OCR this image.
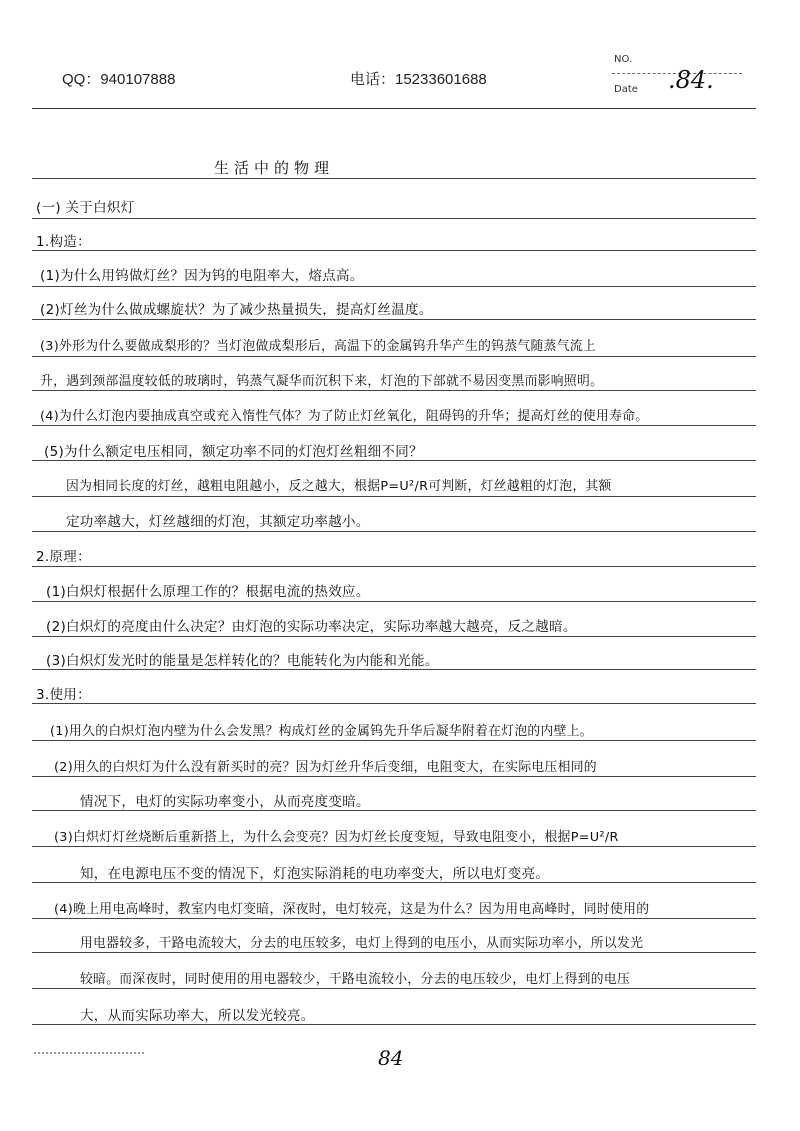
QQ：940107888	电话：15233601688
NO.
Date .84.
生活中的物理
(一) 关于白炽灯
1.构造：
(1)为什么用钨做灯丝？因为钨的电阻率大，熔点高。
(2)灯丝为什么做成螺旋状？为了减少热量损失，提高灯丝温度。
(3)外形为什么要做成梨形的？当灯泡做成梨形后，高温下的金属钨升华产生的钨蒸气随蒸气流上
升，遇到颈部温度较低的玻璃时，钨蒸气凝华而沉积下来，灯泡的下部就不易因变黑而影响照明。
(4)为什么灯泡内要抽成真空或充入惰性气体？为了防止灯丝氧化，阻碍钨的升华；提高灯丝的使用寿命。
(5)为什么额定电压相同，额定功率不同的灯泡灯丝粗细不同？
因为相同长度的灯丝，越粗电阻越小，反之越大，根据P=U²/R可判断，灯丝越粗的灯泡，其额
定功率越大，灯丝越细的灯泡，其额定功率越小。
2.原理：
(1)白炽灯根据什么原理工作的？根据电流的热效应。
(2)白炽灯的亮度由什么决定？由灯泡的实际功率决定，实际功率越大越亮，反之越暗。
(3)白炽灯发光时的能量是怎样转化的？电能转化为内能和光能。
3.使用：
(1)用久的白炽灯泡内壁为什么会发黑？构成灯丝的金属钨先升华后凝华附着在灯泡的内壁上。
(2)用久的白炽灯为什么没有新买时的亮？因为灯丝升华后变细，电阻变大，在实际电压相同的
情况下，电灯的实际功率变小，从而亮度变暗。
(3)白炽灯灯丝烧断后重新搭上，为什么会变亮？因为灯丝长度变短，导致电阻变小，根据P=U²/R
知，在电源电压不变的情况下，灯泡实际消耗的电功率变大，所以电灯变亮。
(4)晚上用电高峰时，教室内电灯变暗，深夜时，电灯较亮，这是为什么？因为用电高峰时，同时使用的
用电器较多，干路电流较大，分去的电压较多，电灯上得到的电压小，从而实际功率小，所以发光
较暗。而深夜时，同时使用的用电器较少，干路电流较小，分去的电压较少，电灯上得到的电压
大，从而实际功率大，所以发光较亮。
84
